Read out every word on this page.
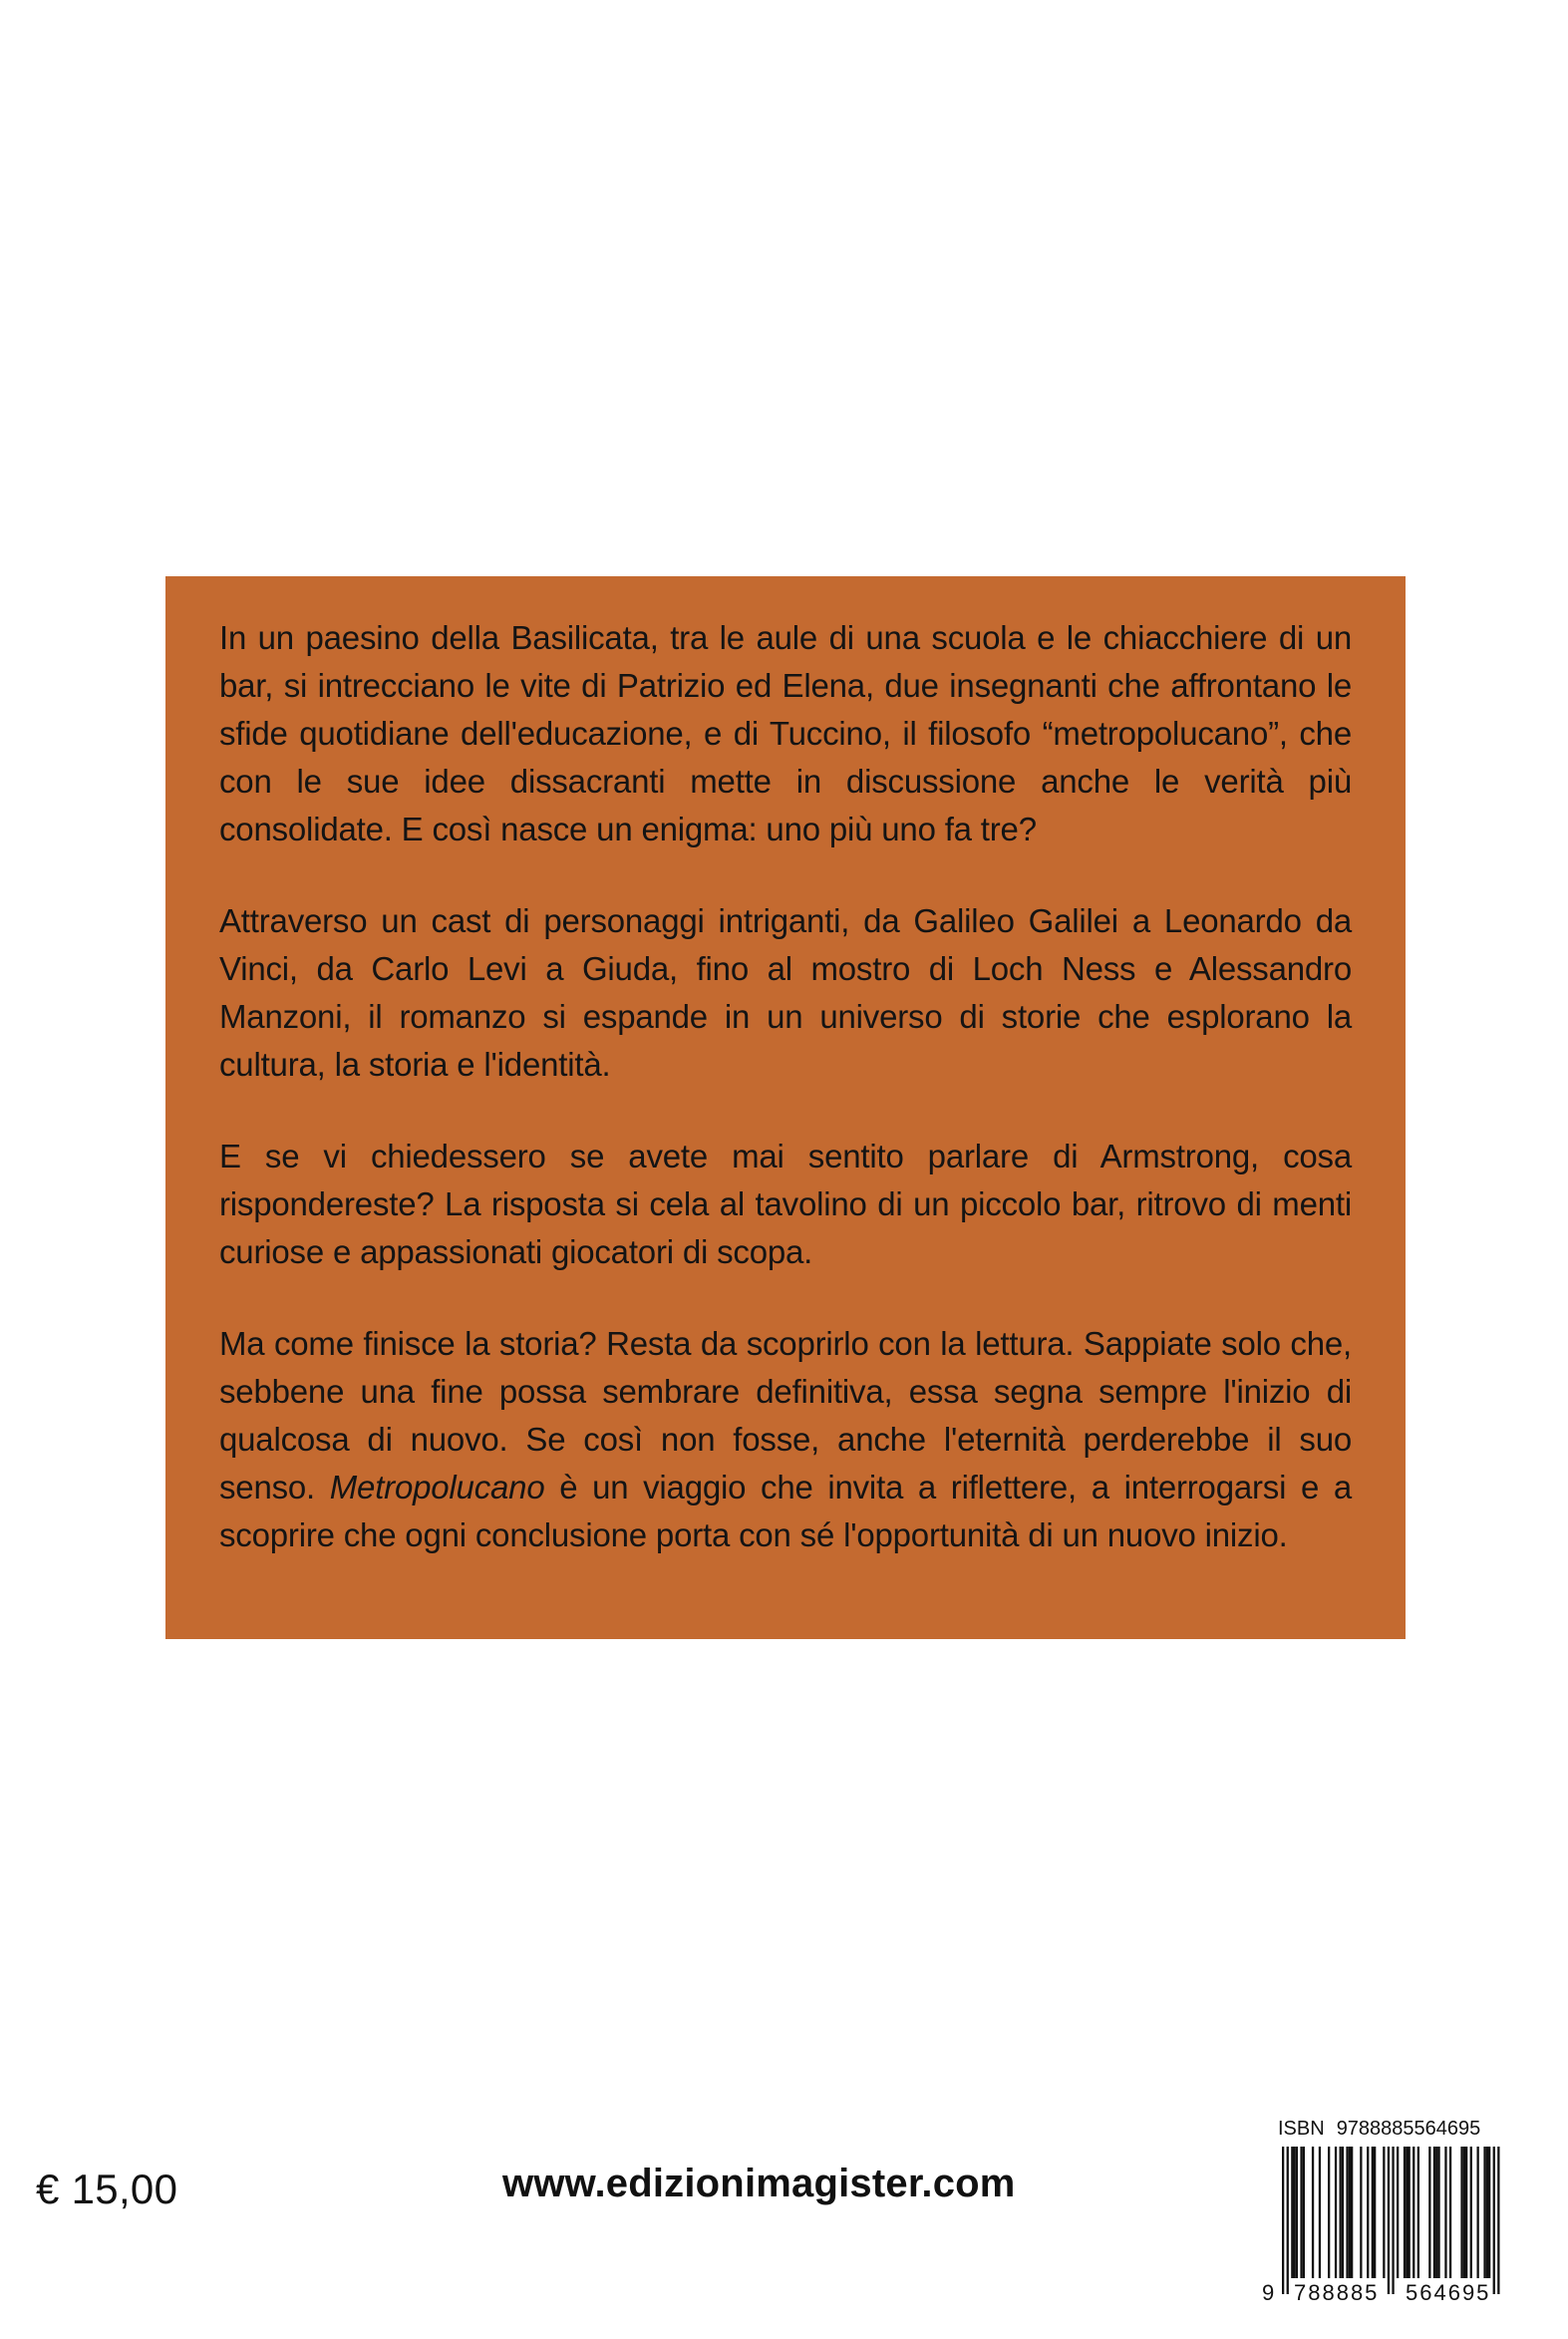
In un paesino della Basilicata, tra le aule di una scuola e le chiacchiere di un bar, si intrecciano le vite di Patrizio ed Elena, due insegnanti che affrontano le sfide quotidiane dell'educazione, e di Tuccino, il filosofo “metropolucano”, che con le sue idee dissacranti mette in discussione anche le verità più consolidate. E così nasce un enigma: uno più uno fa tre?

Attraverso un cast di personaggi intriganti, da Galileo Galilei a Leonardo da Vinci, da Carlo Levi a Giuda, fino al mostro di Loch Ness e Alessandro Manzoni, il romanzo si espande in un universo di storie che esplorano la cultura, la storia e l'identità.

E se vi chiedessero se avete mai sentito parlare di Armstrong, cosa rispondereste? La risposta si cela al tavolino di un piccolo bar, ritrovo di menti curiose e appassionati giocatori di scopa.

Ma come finisce la storia? Resta da scoprirlo con la lettura. Sappiate solo che, sebbene una fine possa sembrare definitiva, essa segna sempre l'inizio di qualcosa di nuovo. Se così non fosse, anche l'eternità perderebbe il suo senso. Metropolucano è un viaggio che invita a riflettere, a interrogarsi e a scoprire che ogni conclusione porta con sé l'opportunità di un nuovo inizio.

€ 15,00	www.edizionimagister.com
ISBN 9788885564695
9 788885 564695
